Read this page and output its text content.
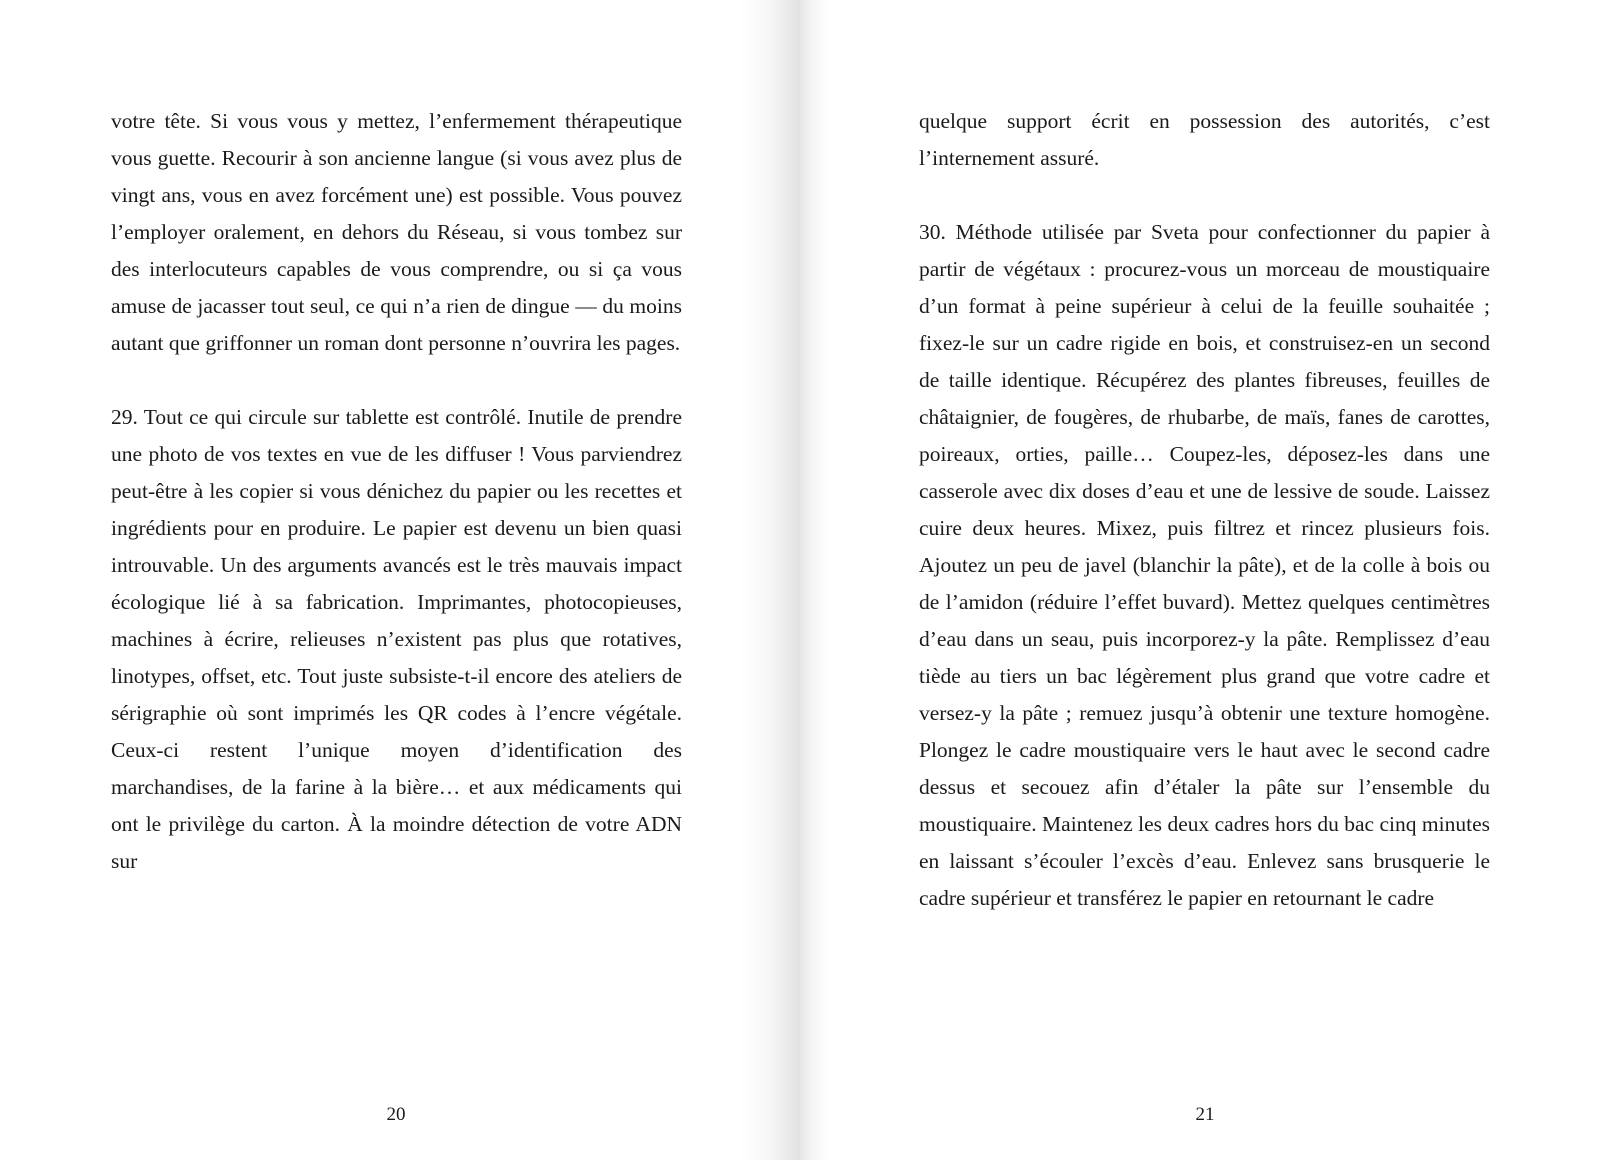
votre tête. Si vous vous y mettez, l’enfermement thérapeutique vous guette. Recourir à son ancienne langue (si vous avez plus de vingt ans, vous en avez forcément une) est possible. Vous pouvez l’employer oralement, en dehors du Réseau, si vous tombez sur des interlocuteurs capables de vous comprendre, ou si ça vous amuse de jacasser tout seul, ce qui n’a rien de dingue — du moins autant que griffonner un roman dont personne n’ouvrira les pages.

29. Tout ce qui circule sur tablette est contrôlé. Inutile de prendre une photo de vos textes en vue de les diffuser ! Vous parviendrez peut-être à les copier si vous dénichez du papier ou les recettes et ingrédients pour en produire. Le papier est devenu un bien quasi introuvable. Un des arguments avancés est le très mauvais impact écologique lié à sa fabrication. Imprimantes, photocopieuses, machines à écrire, relieuses n’existent pas plus que rotatives, linotypes, offset, etc. Tout juste subsiste-t-il encore des ateliers de sérigraphie où sont imprimés les QR codes à l’encre végétale. Ceux-ci restent l’unique moyen d’identification des marchandises, de la farine à la bière… et aux médicaments qui ont le privilège du carton. À la moindre détection de votre ADN sur

20

quelque support écrit en possession des autorités, c’est l’internement assuré.

30. Méthode utilisée par Sveta pour confectionner du papier à partir de végétaux : procurez-vous un morceau de moustiquaire d’un format à peine supérieur à celui de la feuille souhaitée ; fixez-le sur un cadre rigide en bois, et construisez-en un second de taille identique. Récupérez des plantes fibreuses, feuilles de châtaignier, de fougères, de rhubarbe, de maïs, fanes de carottes, poireaux, orties, paille… Coupez-les, déposez-les dans une casserole avec dix doses d’eau et une de lessive de soude. Laissez cuire deux heures. Mixez, puis filtrez et rincez plusieurs fois. Ajoutez un peu de javel (blanchir la pâte), et de la colle à bois ou de l’amidon (réduire l’effet buvard). Mettez quelques centimètres d’eau dans un seau, puis incorporez-y la pâte. Remplissez d’eau tiède au tiers un bac légèrement plus grand que votre cadre et versez-y la pâte ; remuez jusqu’à obtenir une texture homogène. Plongez le cadre moustiquaire vers le haut avec le second cadre dessus et secouez afin d’étaler la pâte sur l’ensemble du moustiquaire. Maintenez les deux cadres hors du bac cinq minutes en laissant s’écouler l’excès d’eau. Enlevez sans brusquerie le cadre supérieur et transférez le papier en retournant le cadre

21
